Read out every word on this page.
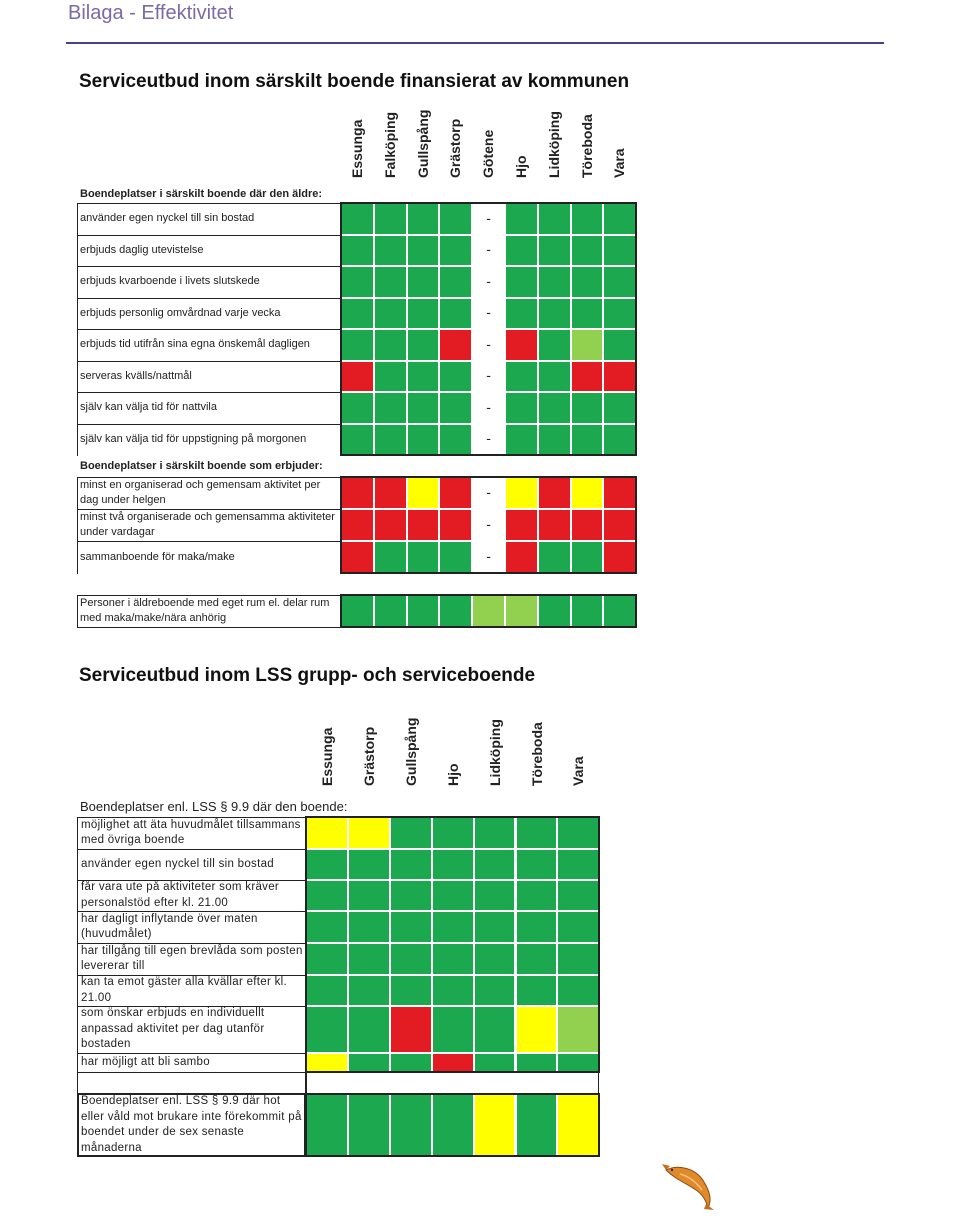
Bilaga - Effektivitet
Serviceutbud inom särskilt boende finansierat av kommunen
Essunga Falköping Gullspång Grästorp Götene Hjo Lidköping Töreboda Vara
Boendeplatser i särskilt boende där den äldre:
använder egen nyckel till sin bostad	-
erbjuds daglig utevistelse	-
erbjuds kvarboende i livets slutskede	-
erbjuds personlig omvårdnad varje vecka	-
erbjuds tid utifrån sina egna önskemål dagligen	-
serveras kvälls/nattmål	-
själv kan välja tid för nattvila	-
själv kan välja tid för uppstigning på morgonen	-
Boendeplatser i särskilt boende som erbjuder:
minst en organiserad och gemensam aktivitet per dag under helgen	-
minst två organiserade och gemensamma aktiviteter under vardagar	-
sammanboende för maka/make	-
Personer i äldreboende med eget rum el. delar rum med maka/make/nära anhörig
Serviceutbud inom LSS grupp- och serviceboende
Essunga Grästorp Gullspång Hjo Lidköping Töreboda Vara
Boendeplatser enl. LSS § 9.9 där den boende:
möjlighet att äta huvudmålet tillsammans med övriga boende
använder egen nyckel till sin bostad
får vara ute på aktiviteter som kräver personalstöd efter kl. 21.00
har dagligt inflytande över maten (huvudmålet)
har tillgång till egen brevlåda som posten levererar till
kan ta emot gäster alla kvällar efter kl. 21.00
som önskar erbjuds en individuellt anpassad aktivitet per dag utanför bostaden
har möjligt att bli sambo
Boendeplatser enl. LSS § 9.9 där hot eller våld mot brukare inte förekommit på boendet under de sex senaste månaderna
